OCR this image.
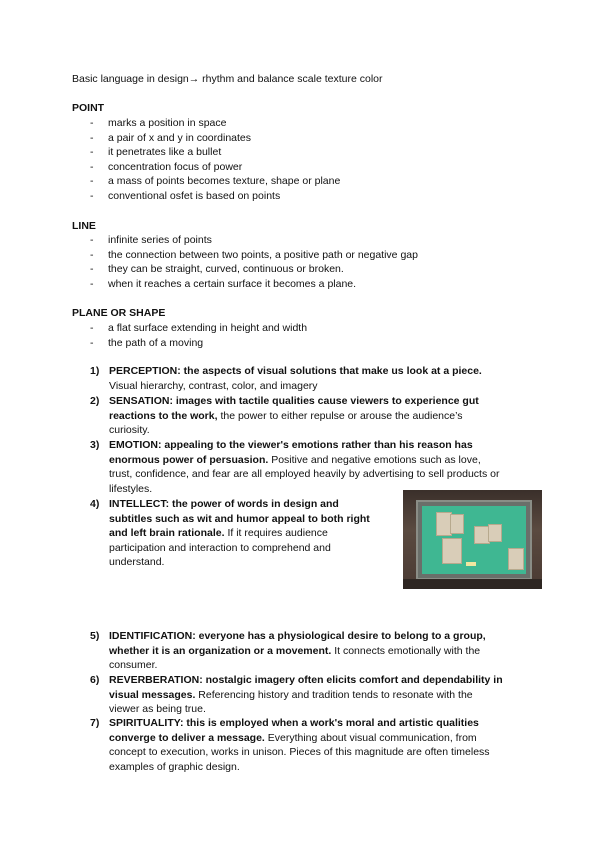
Basic language in design→ rhythm and balance scale texture color
POINT
- marks a position in space
- a pair of x and y in coordinates
- it penetrates like a bullet
- concentration focus of power
- a mass of points becomes texture, shape or plane
- conventional osfet is based on points
LINE
- infinite series of points
- the connection between two points, a positive path or negative gap
- they can be straight, curved, continuous or broken.
- when it reaches a certain surface it becomes a plane.
PLANE OR SHAPE
- a flat surface extending in height and width
- the path of a moving
1) PERCEPTION: the aspects of visual solutions that make us look at a piece.
Visual hierarchy, contrast, color, and imagery
2) SENSATION: images with tactile qualities cause viewers to experience gut
reactions to the work, the power to either repulse or arouse the audience’s
curiosity.
3) EMOTION: appealing to the viewer's emotions rather than his reason has
enormous power of persuasion. Positive and negative emotions such as love,
trust, confidence, and fear are all employed heavily by advertising to sell products or
lifestyles.
4) INTELLECT: the power of words in design and
subtitles such as wit and humor appeal to both right
and left brain rationale. If it requires audience
participation and interaction to comprehend and
understand.
5) IDENTIFICATION: everyone has a physiological desire to belong to a group,
whether it is an organization or a movement. It connects emotionally with the
consumer.
6) REVERBERATION: nostalgic imagery often elicits comfort and dependability in
visual messages. Referencing history and tradition tends to resonate with the
viewer as being true.
7) SPIRITUALITY: this is employed when a work's moral and artistic qualities
converge to deliver a message. Everything about visual communication, from
concept to execution, works in unison. Pieces of this magnitude are often timeless
examples of graphic design.
